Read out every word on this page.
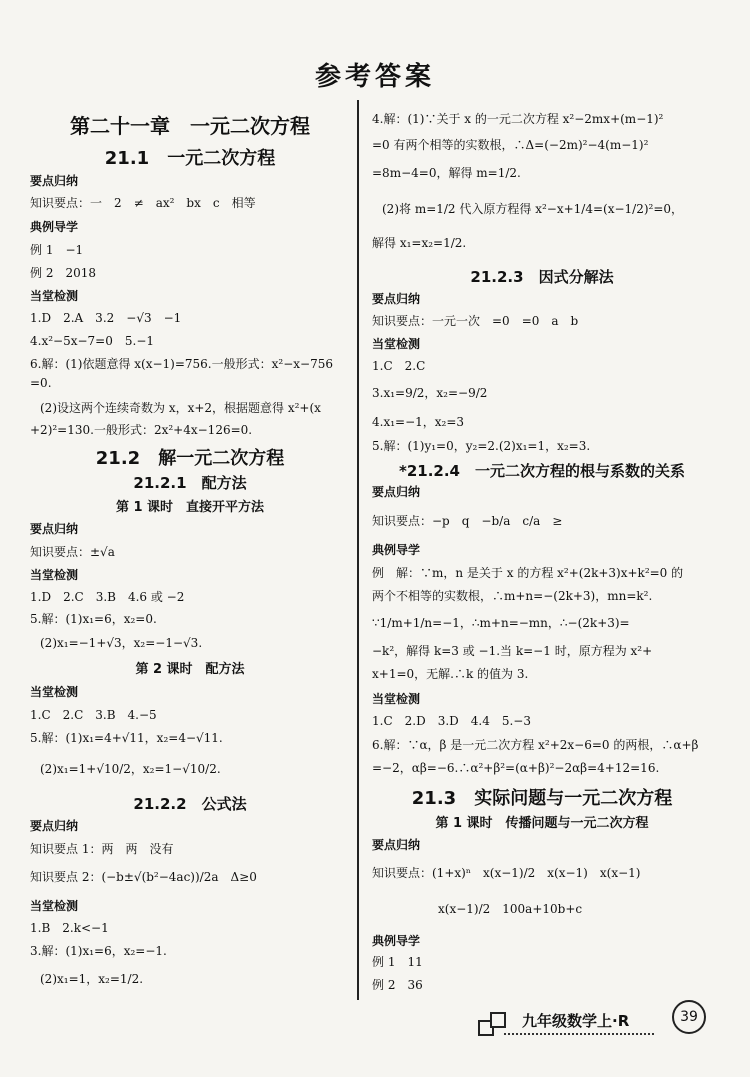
参考答案
第二十一章　一元二次方程
21.1　一元二次方程
要点归纳
知识要点：一　2　≠　ax²　bx　c　相等
典例导学
例 1　−1
例 2　2018
当堂检测
1.D　2.A　3.2　−√3　−1
4.x²−5x−7=0　5.−1
6.解：(1)依题意得 x(x−1)=756.一般形式：x²−x−756
=0.
(2)设这两个连续奇数为 x，x+2，根据题意得 x²+(x
+2)²=130.一般形式：2x²+4x−126=0.
21.2　解一元二次方程
21.2.1　配方法
第 1 课时　直接开平方法
要点归纳
知识要点：±√a
当堂检测
1.D　2.C　3.B　4.6 或 −2
5.解：(1)x₁=6，x₂=0.
(2)x₁=−1+√3，x₂=−1−√3.
第 2 课时　配方法
当堂检测
1.C　2.C　3.B　4.−5
5.解：(1)x₁=4+√11，x₂=4−√11.
(2)x₁=1+√10/2，x₂=1−√10/2.
21.2.2　公式法
要点归纳
知识要点 1：两　两　没有
知识要点 2：(−b±√(b²−4ac))/2a　Δ≥0
当堂检测
1.B　2.k<−1
3.解：(1)x₁=6，x₂=−1.
(2)x₁=1，x₂=1/2.
4.解：(1)∵关于 x 的一元二次方程 x²−2mx+(m−1)²
=0 有两个相等的实数根，∴Δ=(−2m)²−4(m−1)²
=8m−4=0，解得 m=1/2.
(2)将 m=1/2 代入原方程得 x²−x+1/4=(x−1/2)²=0，
解得 x₁=x₂=1/2.
21.2.3　因式分解法
要点归纳
知识要点：一元一次　=0　=0　a　b
当堂检测
1.C　2.C
3.x₁=9/2，x₂=−9/2
4.x₁=−1，x₂=3
5.解：(1)y₁=0，y₂=2.(2)x₁=1，x₂=3.
*21.2.4　一元二次方程的根与系数的关系
要点归纳
知识要点：−p　q　−b/a　c/a　≥
典例导学
例　解：∵m，n 是关于 x 的方程 x²+(2k+3)x+k²=0 的
两个不相等的实数根，∴m+n=−(2k+3)，mn=k².
∵1/m+1/n=−1，∴m+n=−mn，∴−(2k+3)=
−k²，解得 k=3 或 −1.当 k=−1 时，原方程为 x²+
x+1=0，无解.∴k 的值为 3.
当堂检测
1.C　2.D　3.D　4.4　5.−3
6.解：∵α，β 是一元二次方程 x²+2x−6=0 的两根，∴α+β
=−2，αβ=−6.∴α²+β²=(α+β)²−2αβ=4+12=16.
21.3　实际问题与一元二次方程
第 1 课时　传播问题与一元二次方程
要点归纳
知识要点：(1+x)ⁿ　x(x−1)/2　x(x−1)　x(x−1)
x(x−1)/2　100a+10b+c
典例导学
例 1　11
例 2　36
九年级数学上·R	39
